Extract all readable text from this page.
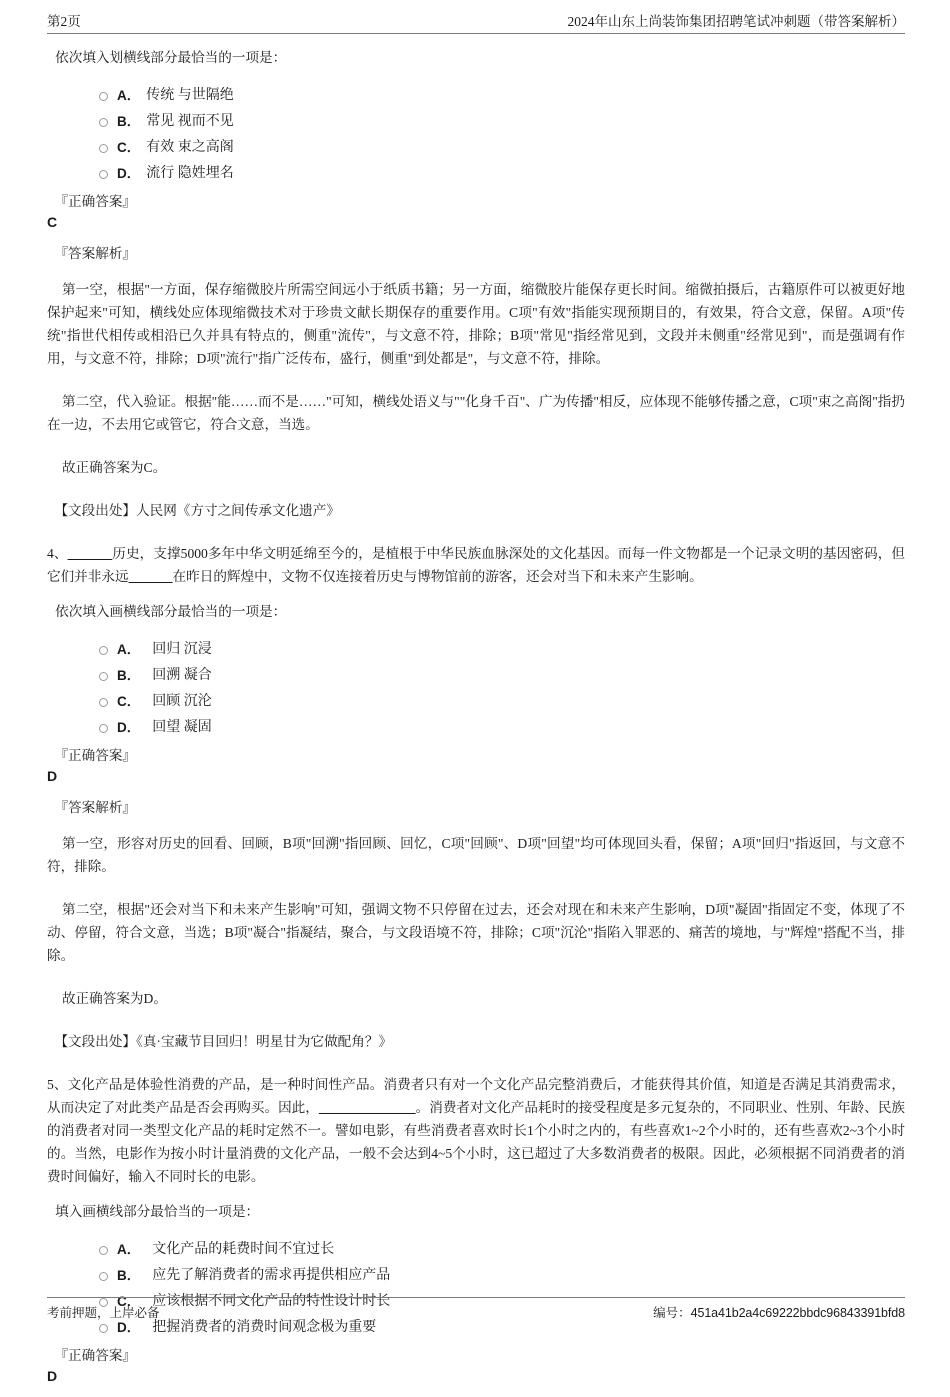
第2页	2024年山东上尚装饰集团招聘笔试冲刺题（带答案解析）
依次填入划横线部分最恰当的一项是：
A． 传统 与世隔绝
B． 常见 视而不见
C． 有效 束之高阁
D． 流行 隐姓埋名
『正确答案』
C
『答案解析』

第一空，根据"一方面，保存缩微胶片所需空间远小于纸质书籍；另一方面，缩微胶片能保存更长时间。缩微拍摄后，古籍原件可以被更好地保护起来"可知，横线处应体现缩微技术对于珍贵文献长期保存的重要作用。C项"有效"指能实现预期目的，有效果，符合文意，保留。A项"传统"指世代相传或相沿已久并具有特点的，侧重"流传"，与文意不符，排除；B项"常见"指经常见到，文段并未侧重"经常见到"，而是强调有作用，与文意不符，排除；D项"流行"指广泛传布，盛行，侧重"到处都是"，与文意不符，排除。

第二空，代入验证。根据"能……而不是……"可知，横线处语义与""化身千百"、广为传播"相反，应体现不能够传播之意，C项"束之高阁"指扔在一边，不去用它或管它，符合文意，当选。

故正确答案为C。

【文段出处】人民网《方寸之间传承文化遗产》

4、	历史，支撑5000多年中华文明延绵至今的，是植根于中华民族血脉深处的文化基因。而每一件文物都是一个记录文明的基因密码，但它们并非永远	在昨日的辉煌中，文物不仅连接着历史与博物馆前的游客，还会对当下和未来产生影响。

依次填入画横线部分最恰当的一项是：
A． 回归 沉浸
B． 回溯 凝合
C． 回顾 沉沦
D． 回望 凝固
『正确答案』
D
『答案解析』

第一空，形容对历史的回看、回顾，B项"回溯"指回顾、回忆，C项"回顾"、D项"回望"均可体现回头看，保留；A项"回归"指返回，与文意不符，排除。

第二空，根据"还会对当下和未来产生影响"可知，强调文物不只停留在过去，还会对现在和未来产生影响，D项"凝固"指固定不变，体现了不动、停留，符合文意，当选；B项"凝合"指凝结，聚合，与文段语境不符，排除；C项"沉沦"指陷入罪恶的、痛苦的境地，与"辉煌"搭配不当，排除。

故正确答案为D。

【文段出处】《真·宝藏节目回归！明星甘为它做配角？》

5、文化产品是体验性消费的产品，是一种时间性产品。消费者只有对一个文化产品完整消费后，才能获得其价值，知道是否满足其消费需求，从而决定了对此类产品是否会再购买。因此，	。消费者对文化产品耗时的接受程度是多元复杂的，不同职业、性别、年龄、民族的消费者对同一类型文化产品的耗时定然不一。譬如电影，有些消费者喜欢时长1个小时之内的，有些喜欢1~2个小时的，还有些喜欢2~3个小时的。当然，电影作为按小时计量消费的文化产品，一般不会达到4~5个小时，这已超过了大多数消费者的极限。因此，必须根据不同消费者的消费时间偏好，输入不同时长的电影。

填入画横线部分最恰当的一项是：
A． 文化产品的耗费时间不宜过长
B． 应先了解消费者的需求再提供相应产品
C． 应该根据不同文化产品的特性设计时长
D． 把握消费者的消费时间观念极为重要
『正确答案』
D
考前押题，上岸必备	编号：451a41b2a4c69222bbdc96843391bfd8
